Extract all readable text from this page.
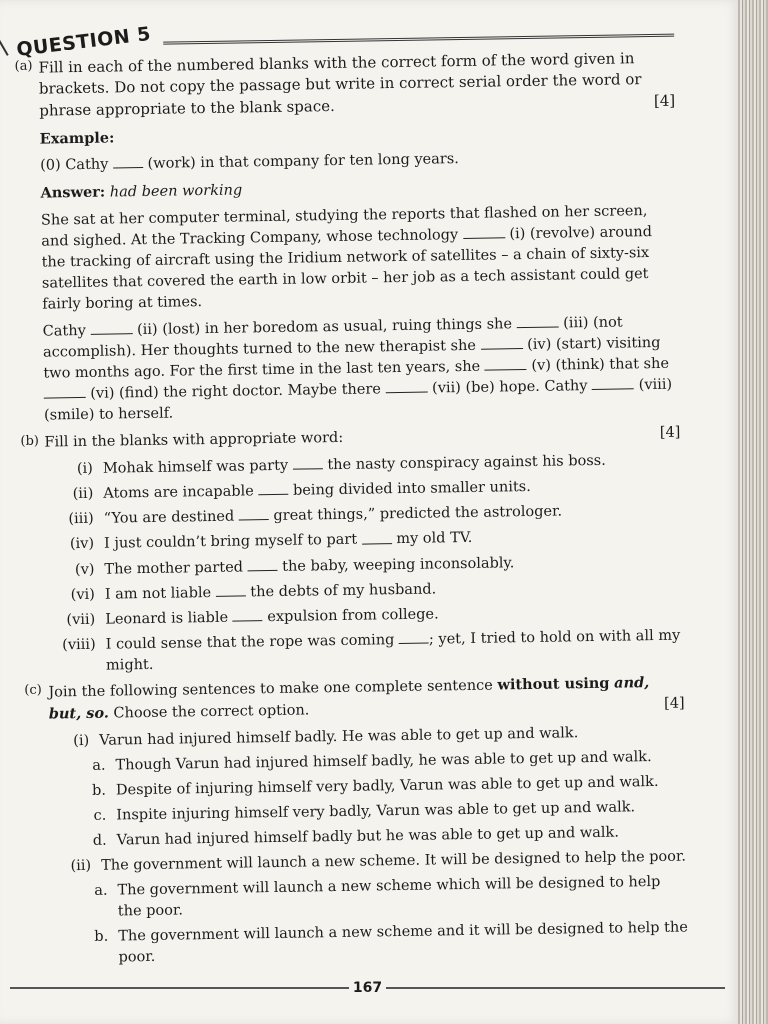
QUESTION 5
(a) Fill in each of the numbered blanks with the correct form of the word given in brackets. Do not copy the passage but write in correct serial order the word or phrase appropriate to the blank space.	[4]

Example:

(0) Cathy	(work) in that company for ten long years.

Answer: had been working

She sat at her computer terminal, studying the reports that flashed on her screen, and sighed. At the Tracking Company, whose technology	(i) (revolve) around the tracking of aircraft using the Iridium network of satellites – a chain of sixty-six satellites that covered the earth in low orbit – her job as a tech assistant could get fairly boring at times.

Cathy	(ii) (lost) in her boredom as usual, ruing things she	(iii) (not accomplish). Her thoughts turned to the new therapist she	(iv) (start) visiting two months ago. For the first time in the last ten years, she	(v) (think) that she  (vi) (find) the right doctor. Maybe there	(vii) (be) hope. Cathy	(viii) (smile) to herself.

(b) Fill in the blanks with appropriate word:	[4]

(i) Mohak himself was party	the nasty conspiracy against his boss.
(ii) Atoms are incapable	being divided into smaller units.
(iii) “You are destined	great things,” predicted the astrologer.
(iv) I just couldn’t bring myself to part	my old TV.
(v) The mother parted	the baby, weeping inconsolably.
(vi) I am not liable	the debts of my husband.
(vii) Leonard is liable	expulsion from college.
(viii) I could sense that the rope was coming ; yet, I tried to hold on with all my might.
(c) Join the following sentences to make one complete sentence without using and, but, so. Choose the correct option.	[4]

(i) Varun had injured himself badly. He was able to get up and walk.
a. Though Varun had injured himself badly, he was able to get up and walk.
b. Despite of injuring himself very badly, Varun was able to get up and walk.
c. Inspite injuring himself very badly, Varun was able to get up and walk.
d. Varun had injured himself badly but he was able to get up and walk.
(ii) The government will launch a new scheme. It will be designed to help the poor.
a. The government will launch a new scheme which will be designed to help the poor.
b. The government will launch a new scheme and it will be designed to help the poor.
167
